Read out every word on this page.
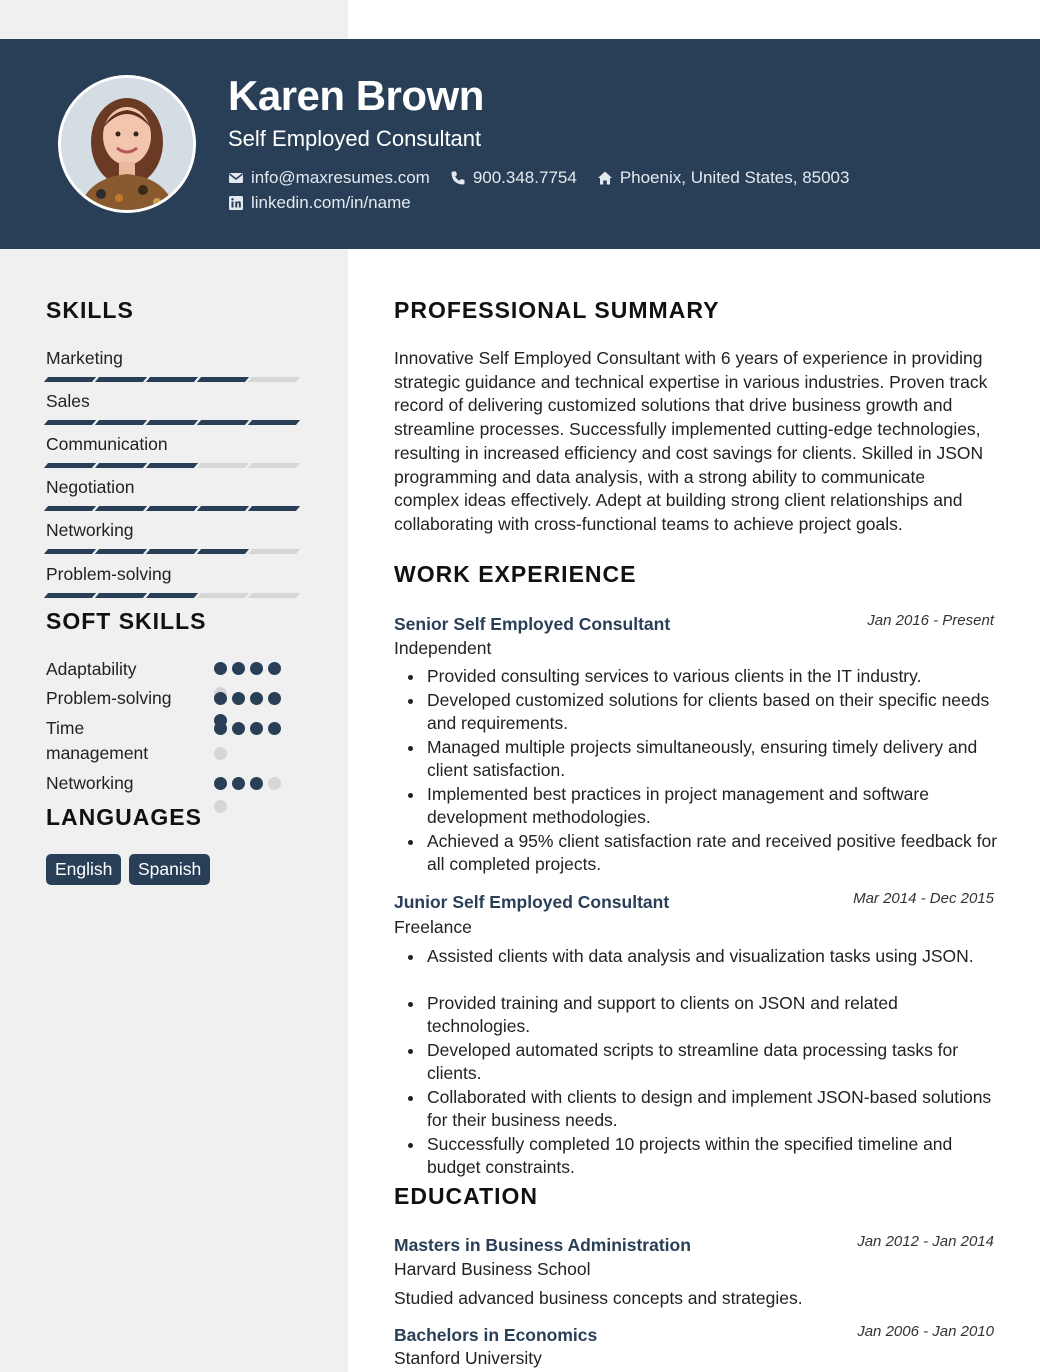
Karen Brown
Self Employed Consultant
info@maxresumes.com	900.348.7754	Phoenix, United States, 85003
linkedin.com/in/name
SKILLS
Marketing
Sales
Communication
Negotiation
Networking
Problem-solving
SOFT SKILLS
Adaptability
Problem-solving
Time management
Networking
LANGUAGES
English	Spanish
PROFESSIONAL SUMMARY
Innovative Self Employed Consultant with 6 years of experience in providing strategic guidance and technical expertise in various industries. Proven track record of delivering customized solutions that drive business growth and streamline processes. Successfully implemented cutting-edge technologies, resulting in increased efficiency and cost savings for clients. Skilled in JSON programming and data analysis, with a strong ability to communicate complex ideas effectively. Adept at building strong client relationships and collaborating with cross-functional teams to achieve project goals.
WORK EXPERIENCE
Senior Self Employed Consultant	Jan 2016 - Present
Independent
Provided consulting services to various clients in the IT industry.
Developed customized solutions for clients based on their specific needs and requirements.
Managed multiple projects simultaneously, ensuring timely delivery and client satisfaction.
Implemented best practices in project management and software development methodologies.
Achieved a 95% client satisfaction rate and received positive feedback for all completed projects.
Junior Self Employed Consultant	Mar 2014 - Dec 2015
Freelance
Assisted clients with data analysis and visualization tasks using JSON.
Provided training and support to clients on JSON and related technologies.
Developed automated scripts to streamline data processing tasks for clients.
Collaborated with clients to design and implement JSON-based solutions for their business needs.
Successfully completed 10 projects within the specified timeline and budget constraints.
EDUCATION
Masters in Business Administration	Jan 2012 - Jan 2014
Harvard Business School
Studied advanced business concepts and strategies.
Bachelors in Economics	Jan 2006 - Jan 2010
Stanford University
